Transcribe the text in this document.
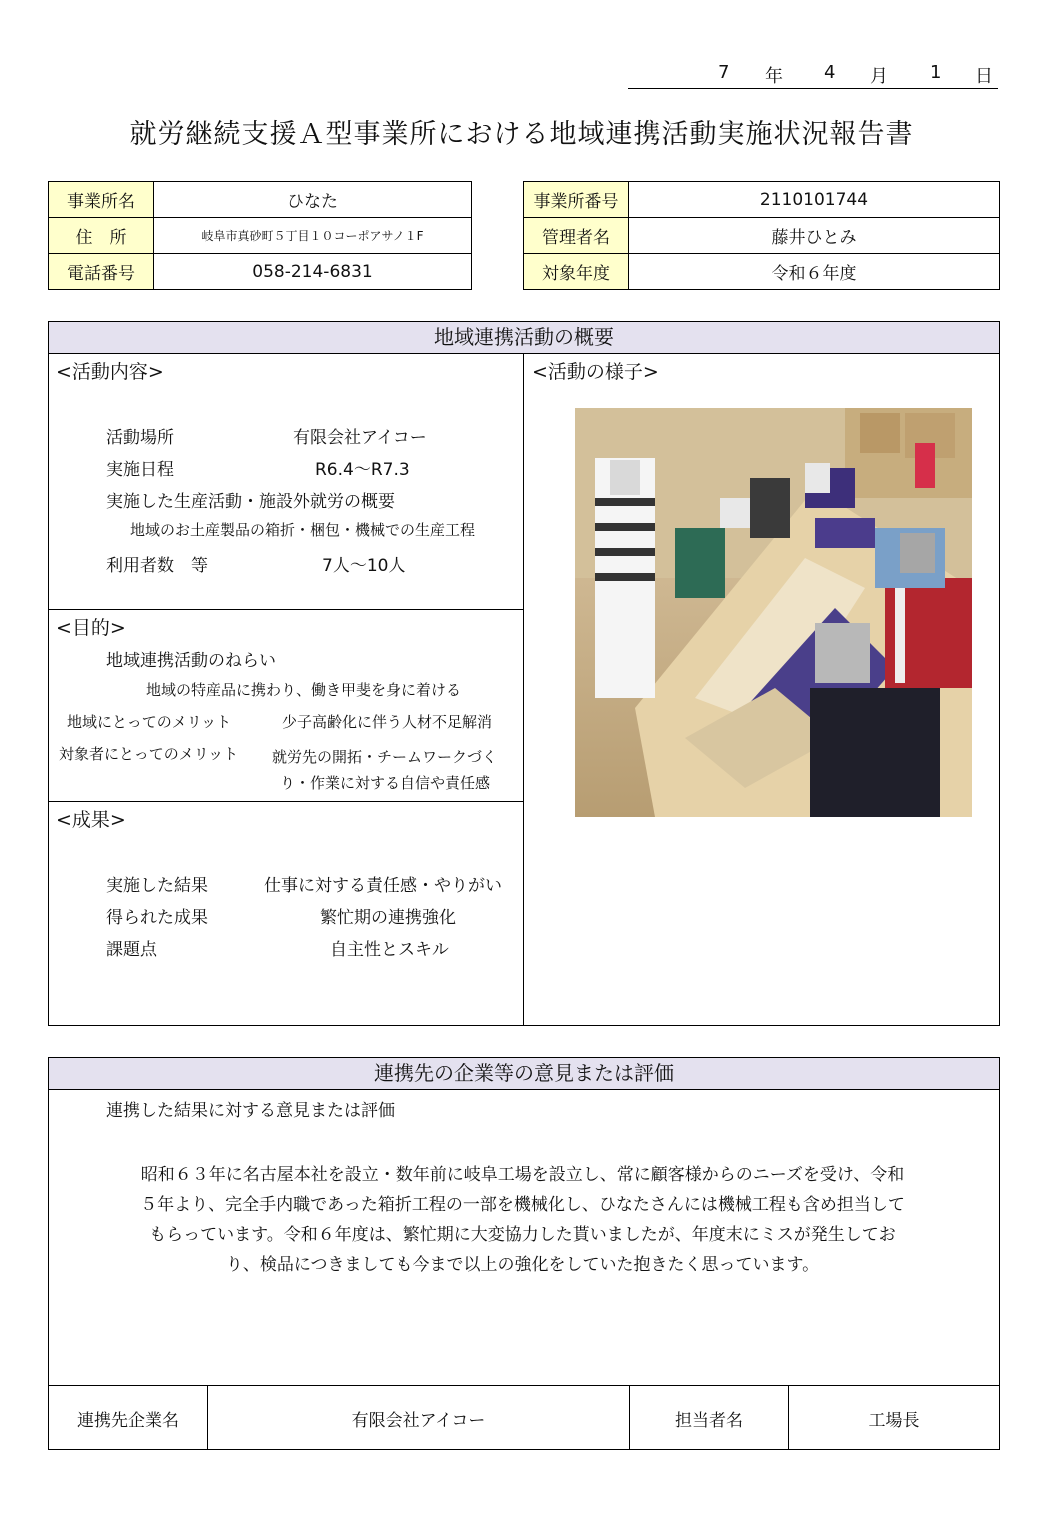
7 年 4 月 1 日
就労継続支援Ａ型事業所における地域連携活動実施状況報告書
事業所名	ひなた
住　所	岐阜市真砂町５丁目１０コーポアサノ１F
電話番号	058-214-6831
事業所番号	2110101744
管理者名	藤井ひとみ
対象年度	令和６年度
地域連携活動の概要
<活動内容>
活動場所	有限会社アイコー
実施日程	R6.4～R7.3
実施した生産活動・施設外就労の概要
地域のお土産製品の箱折・梱包・機械での生産工程
利用者数　等	7人～10人
<目的>
地域連携活動のねらい
地域の特産品に携わり、働き甲斐を身に着ける
地域にとってのメリット	少子高齢化に伴う人材不足解消
対象者にとってのメリット 就労先の開拓・チームワークづく
り・作業に対する自信や責任感
<成果>
実施した結果	仕事に対する責任感・やりがい
得られた成果	繁忙期の連携強化
課題点	自主性とスキル
<活動の様子>
連携先の企業等の意見または評価
連携した結果に対する意見または評価
昭和６３年に名古屋本社を設立・数年前に岐阜工場を設立し、常に顧客様からのニーズを受け、令和
５年より、完全手内職であった箱折工程の一部を機械化し、ひなたさんには機械工程も含め担当して
もらっています。令和６年度は、繁忙期に大変協力した貰いましたが、年度末にミスが発生してお
り、検品につきましても今まで以上の強化をしていた抱きたく思っています。
連携先企業名	有限会社アイコー	担当者名	工場長
